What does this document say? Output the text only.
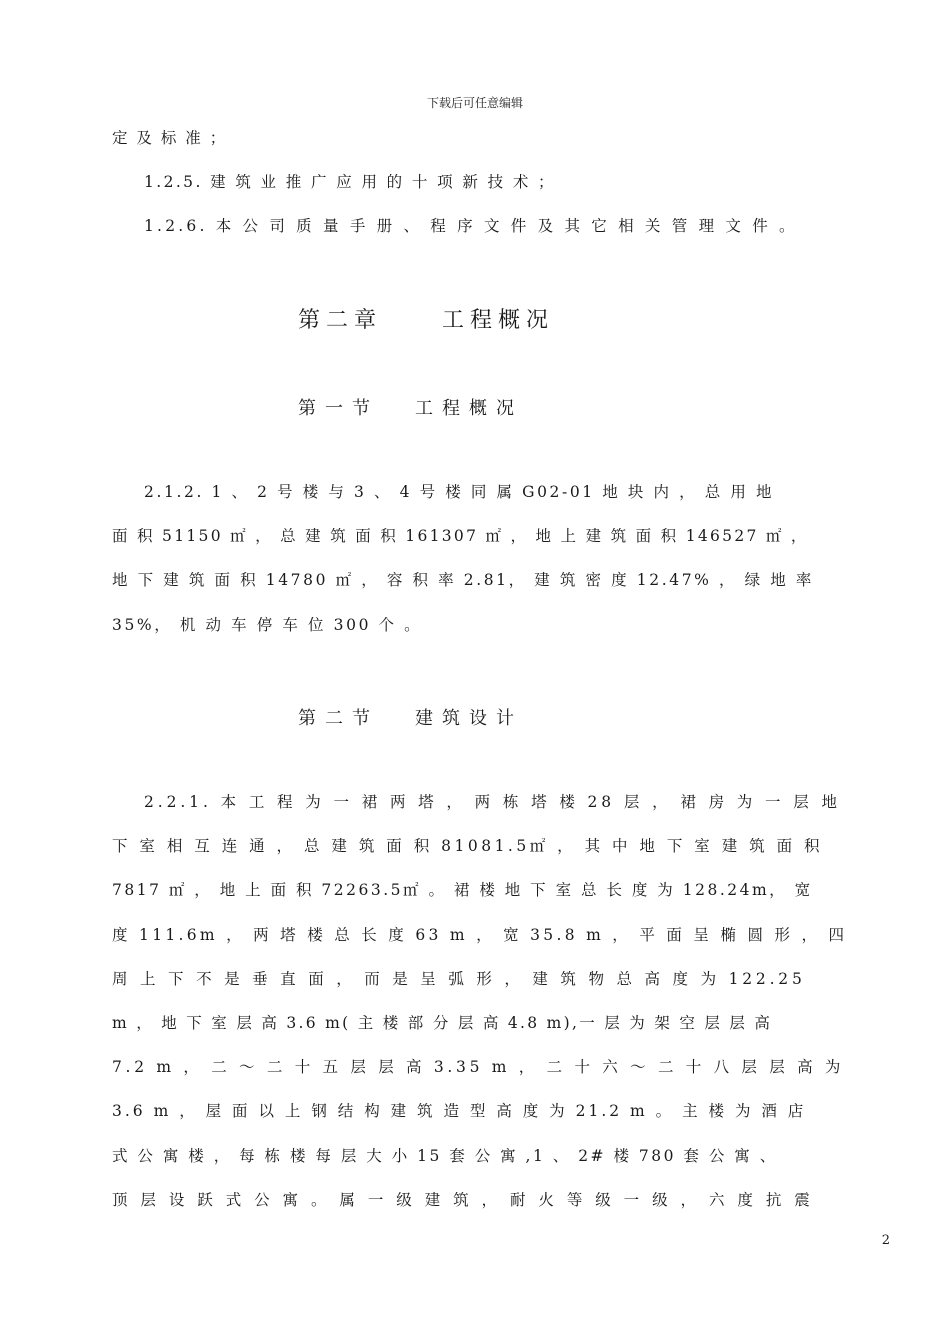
下载后可任意编辑
定 及 标 准 ；
1.2.5. 建 筑 业 推 广 应 用 的 十 项 新 技 术 ；
1.2.6. 本 公 司 质 量 手 册 、 程 序 文 件 及 其 它 相 关 管 理 文 件 。
第二章	工程概况
第一节 工程概况
2.1.2. 1 、 2 号 楼 与 3 、 4 号 楼 同 属 G02-01 地 块 内 ， 总 用 地
面 积 51150 ㎡ ， 总 建 筑 面 积 161307 ㎡ ， 地 上 建 筑 面 积 146527 ㎡ ，
地 下 建 筑 面 积 14780 ㎡ ， 容 积 率 2.81， 建 筑 密 度 12.47% ， 绿 地 率
35%， 机 动 车 停 车 位 300 个 。
第二节 建筑设计
2.2.1. 本 工 程 为 一 裙 两 塔 ， 两 栋 塔 楼 28 层 ， 裙 房 为 一 层 地
下 室 相 互 连 通 ， 总 建 筑 面 积 81081.5㎡ ， 其 中 地 下 室 建 筑 面 积
7817 ㎡ ， 地 上 面 积 72263.5㎡ 。 裙 楼 地 下 室 总 长 度 为 128.24m， 宽
度 111.6m ， 两 塔 楼 总 长 度 63 m ， 宽 35.8 m ， 平 面 呈 椭 圆 形 ， 四
周 上 下 不 是 垂 直 面 ， 而 是 呈 弧 形 ， 建 筑 物 总 高 度 为 122.25
m ， 地 下 室 层 高 3.6 m( 主 楼 部 分 层 高 4.8 m),一 层 为 架 空 层 层 高
7.2 m ， 二 ～ 二 十 五 层 层 高 3.35 m ， 二 十 六 ～ 二 十 八 层 层 高 为
3.6 m ， 屋 面 以 上 钢 结 构 建 筑 造 型 高 度 为 21.2 m 。 主 楼 为 酒 店
式 公 寓 楼 ， 每 栋 楼 每 层 大 小 15 套 公 寓 ,1 、 2# 楼 780 套 公 寓 、
顶 层 设 跃 式 公 寓 。 属 一 级 建 筑 ， 耐 火 等 级 一 级 ， 六 度 抗 震
2
